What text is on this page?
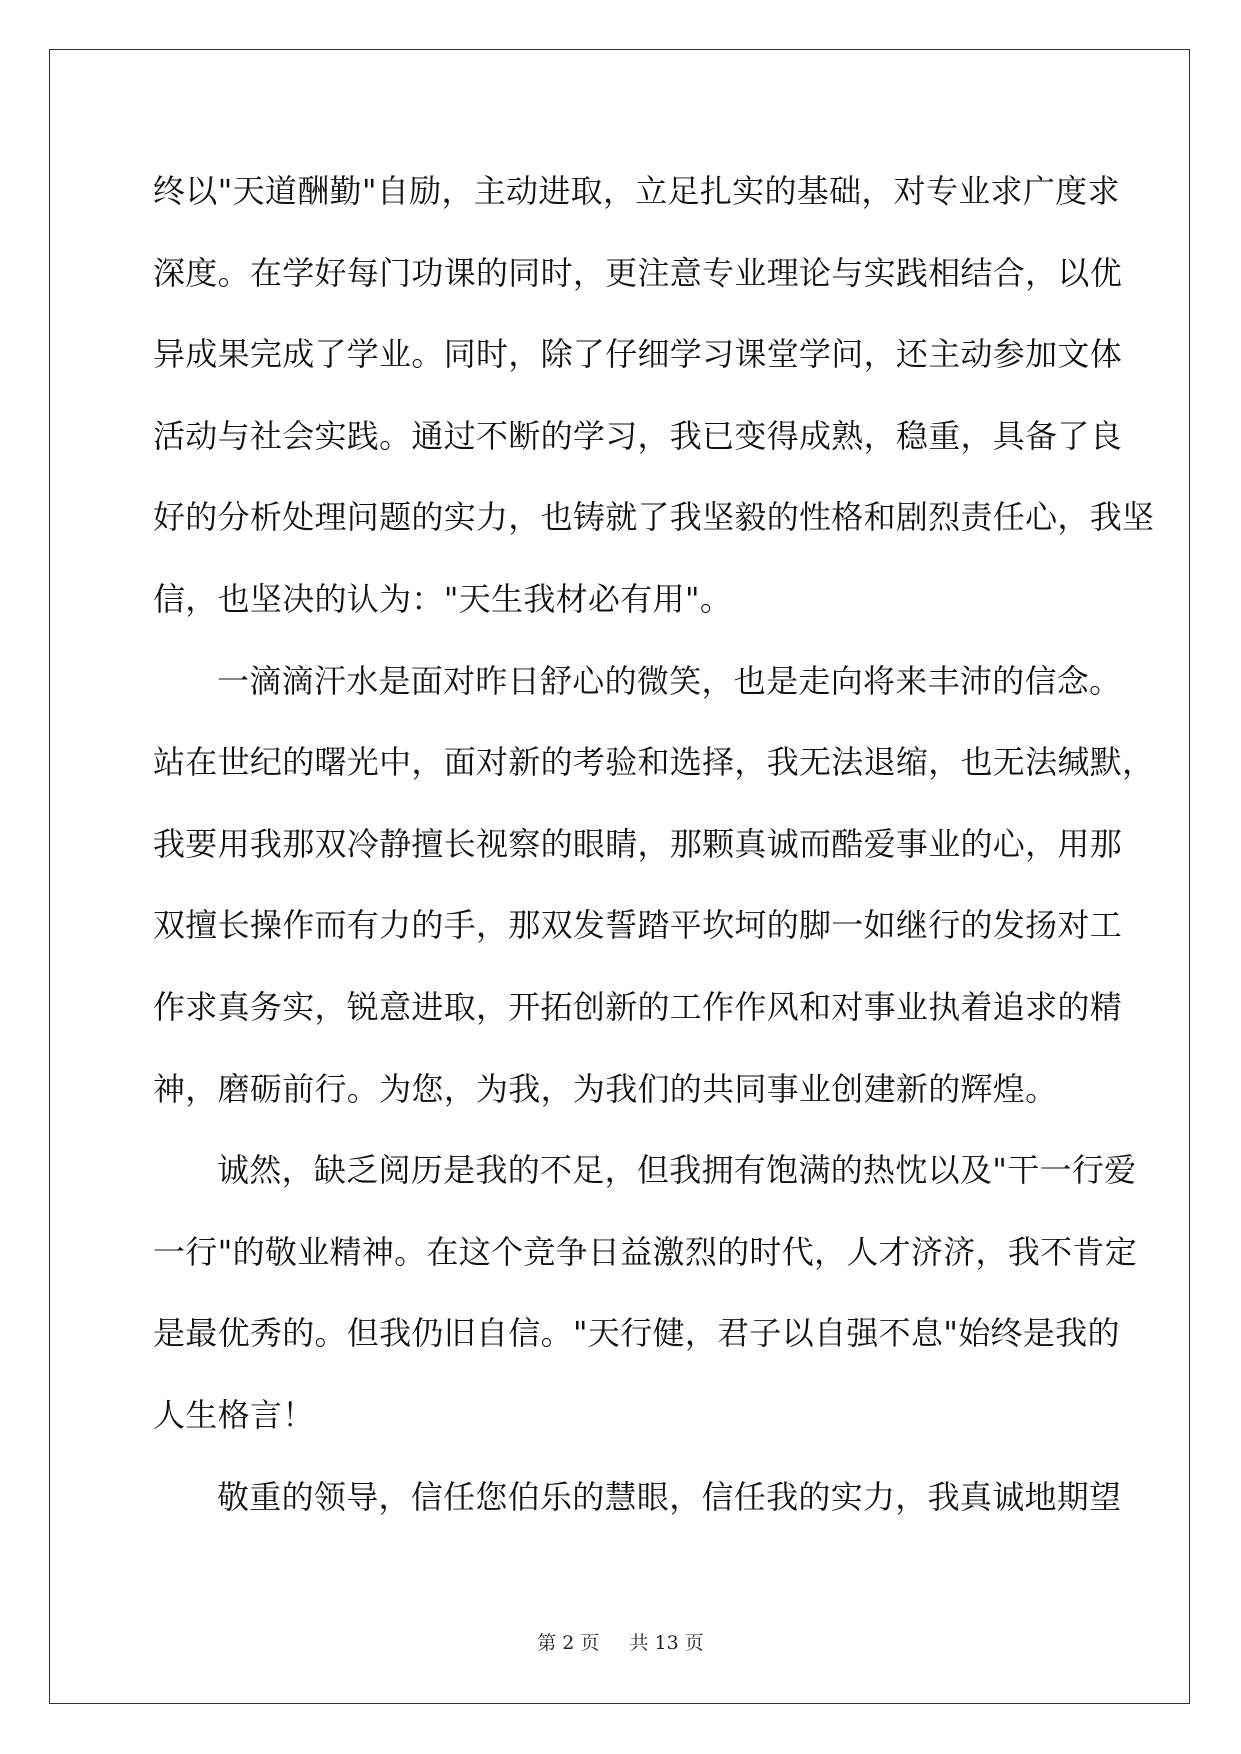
终以"天道酬勤"自励，主动进取，立足扎实的基础，对专业求广度求
深度。在学好每门功课的同时，更注意专业理论与实践相结合，以优
异成果完成了学业。同时，除了仔细学习课堂学问，还主动参加文体
活动与社会实践。通过不断的学习，我已变得成熟，稳重，具备了良
好的分析处理问题的实力，也铸就了我坚毅的性格和剧烈责任心，我坚
信，也坚决的认为："天生我材必有用"。
一滴滴汗水是面对昨日舒心的微笑，也是走向将来丰沛的信念。
站在世纪的曙光中，面对新的考验和选择，我无法退缩，也无法缄默，
我要用我那双冷静擅长视察的眼睛，那颗真诚而酷爱事业的心，用那
双擅长操作而有力的手，那双发誓踏平坎坷的脚一如继行的发扬对工
作求真务实，锐意进取，开拓创新的工作作风和对事业执着追求的精
神，磨砺前行。为您，为我，为我们的共同事业创建新的辉煌。
诚然，缺乏阅历是我的不足，但我拥有饱满的热忱以及"干一行爱
一行"的敬业精神。在这个竞争日益激烈的时代，人才济济，我不肯定
是最优秀的。但我仍旧自信。"天行健，君子以自强不息"始终是我的
人生格言！
敬重的领导，信任您伯乐的慧眼，信任我的实力，我真诚地期望
第 2 页 共 13 页
